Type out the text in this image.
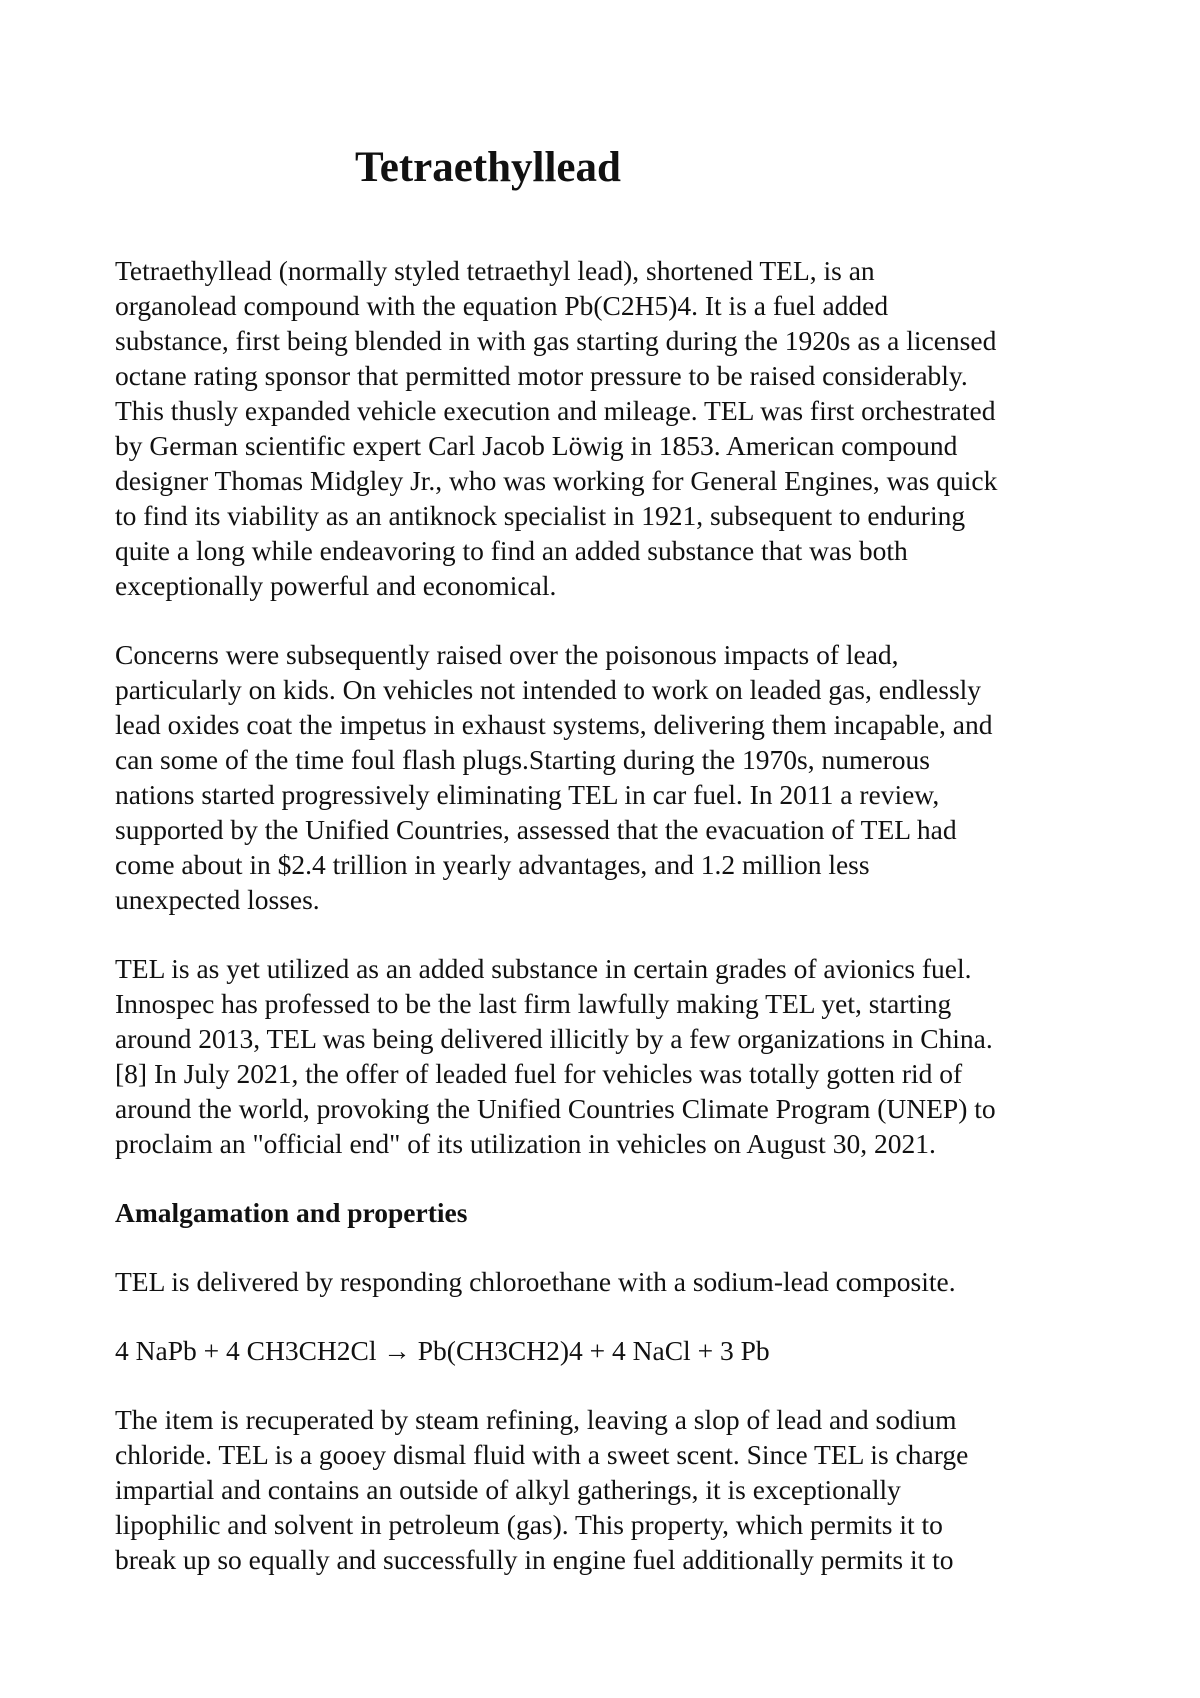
Tetraethyllead

Tetraethyllead (normally styled tetraethyl lead), shortened TEL, is an
organolead compound with the equation Pb(C2H5)4. It is a fuel added
substance, first being blended in with gas starting during the 1920s as a licensed
octane rating sponsor that permitted motor pressure to be raised considerably.
This thusly expanded vehicle execution and mileage. TEL was first orchestrated
by German scientific expert Carl Jacob Löwig in 1853. American compound
designer Thomas Midgley Jr., who was working for General Engines, was quick
to find its viability as an antiknock specialist in 1921, subsequent to enduring
quite a long while endeavoring to find an added substance that was both
exceptionally powerful and economical.

Concerns were subsequently raised over the poisonous impacts of lead,
particularly on kids. On vehicles not intended to work on leaded gas, endlessly
lead oxides coat the impetus in exhaust systems, delivering them incapable, and
can some of the time foul flash plugs.Starting during the 1970s, numerous
nations started progressively eliminating TEL in car fuel. In 2011 a review,
supported by the Unified Countries, assessed that the evacuation of TEL had
come about in $2.4 trillion in yearly advantages, and 1.2 million less
unexpected losses.

TEL is as yet utilized as an added substance in certain grades of avionics fuel.
Innospec has professed to be the last firm lawfully making TEL yet, starting
around 2013, TEL was being delivered illicitly by a few organizations in China.
[8] In July 2021, the offer of leaded fuel for vehicles was totally gotten rid of
around the world, provoking the Unified Countries Climate Program (UNEP) to
proclaim an "official end" of its utilization in vehicles on August 30, 2021.

Amalgamation and properties

TEL is delivered by responding chloroethane with a sodium-lead composite.

4 NaPb + 4 CH3CH2Cl → Pb(CH3CH2)4 + 4 NaCl + 3 Pb

The item is recuperated by steam refining, leaving a slop of lead and sodium
chloride. TEL is a gooey dismal fluid with a sweet scent. Since TEL is charge
impartial and contains an outside of alkyl gatherings, it is exceptionally
lipophilic and solvent in petroleum (gas). This property, which permits it to
break up so equally and successfully in engine fuel additionally permits it to
